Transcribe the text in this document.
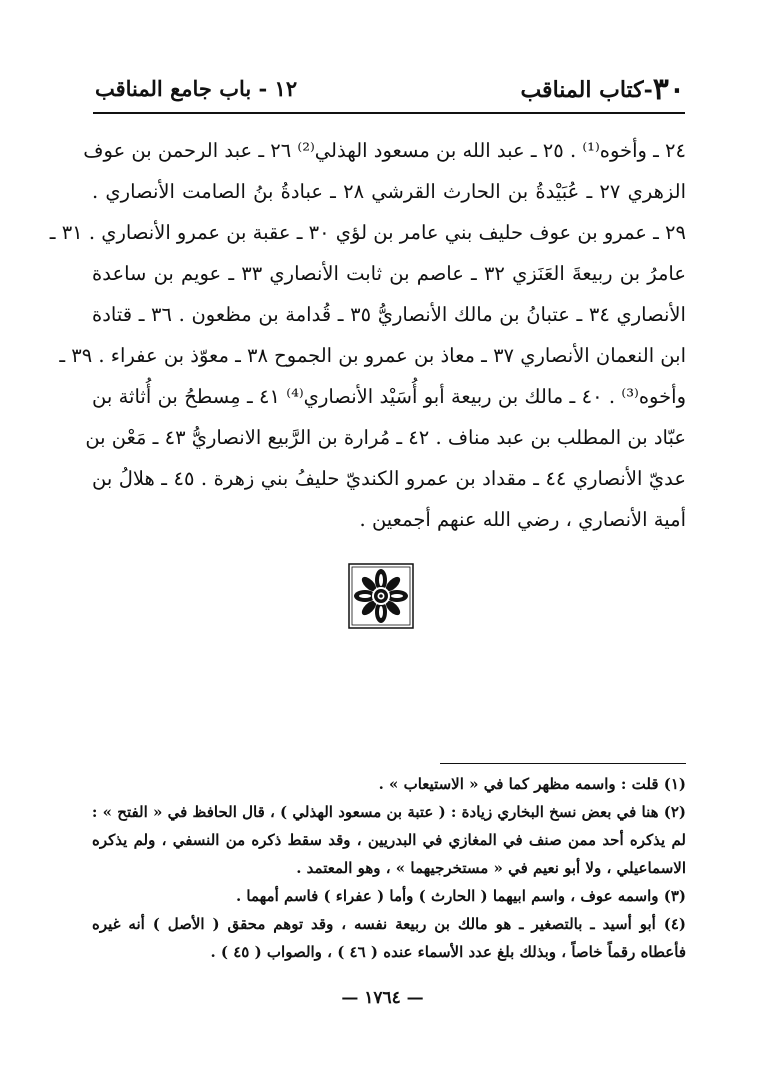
٣٠-كتاب المناقب
١٢ - باب جامع المناقب
٢٤ ـ وأخوه⁽¹⁾ . ٢٥ ـ عبد الله بن مسعود الهذلي⁽²⁾ ٢٦ ـ عبد الرحمن بن عوف
الزهري ٢٧ ـ عُبَيْدةُ بن الحارث القرشي ٢٨ ـ عبادةُ بنُ الصامت الأنصاري .
٢٩ ـ عمرو بن عوف حليف بني عامر بن لؤي ٣٠ ـ عقبة بن عمرو الأنصاري . ٣١ ـ
عامرُ بن ربيعةَ العَنَزي ٣٢ ـ عاصم بن ثابت الأنصاري ٣٣ ـ عويم بن ساعدة
الأنصاري ٣٤ ـ عتبانُ بن مالك الأنصاريُّ ٣٥ ـ قُدامة بن مظعون . ٣٦ ـ قتادة
ابن النعمان الأنصاري ٣٧ ـ معاذ بن عمرو بن الجموح ٣٨ ـ معوّذ بن عفراء . ٣٩ ـ
وأخوه⁽³⁾ . ٤٠ ـ مالك بن ربيعة أبو أُسَيْد الأنصاري⁽⁴⁾ ٤١ ـ مِسطحُ بن أُثاثة بن
عبّاد بن المطلب بن عبد مناف . ٤٢ ـ مُرارة بن الرَّبيع الانصاريُّ ٤٣ ـ مَعْن بن
عديّ الأنصاري ٤٤ ـ مقداد بن عمرو الكنديّ حليفُ بني زهرة . ٤٥ ـ هلالُ بن
أمية الأنصاري ، رضي الله عنهم أجمعين .
(١) قلت : واسمه مظهر كما في « الاستيعاب » .
(٢) هنا في بعض نسخ البخاري زيادة : ( عتبة بن مسعود الهذلي ) ، قال الحافظ في « الفتح » :
لم يذكره أحد ممن صنف في المغازي في البدريين ، وقد سقط ذكره من النسفي ، ولم يذكره
الاسماعيلي ، ولا أبو نعيم في « مستخرجيهما » ، وهو المعتمد .
(٣) واسمه عوف ، واسم ابيهما ( الحارث ) وأما ( عفراء ) فاسم أمهما .
(٤) أبو أسيد ـ بالتصغير ـ هو مالك بن ربيعة نفسه ، وقد توهم محقق ( الأصل ) أنه غيره
فأعطاه رقماً خاصاً ، وبذلك بلغ عدد الأسماء عنده ( ٤٦ ) ، والصواب ( ٤٥ ) .
— ١٧٦٤ —
